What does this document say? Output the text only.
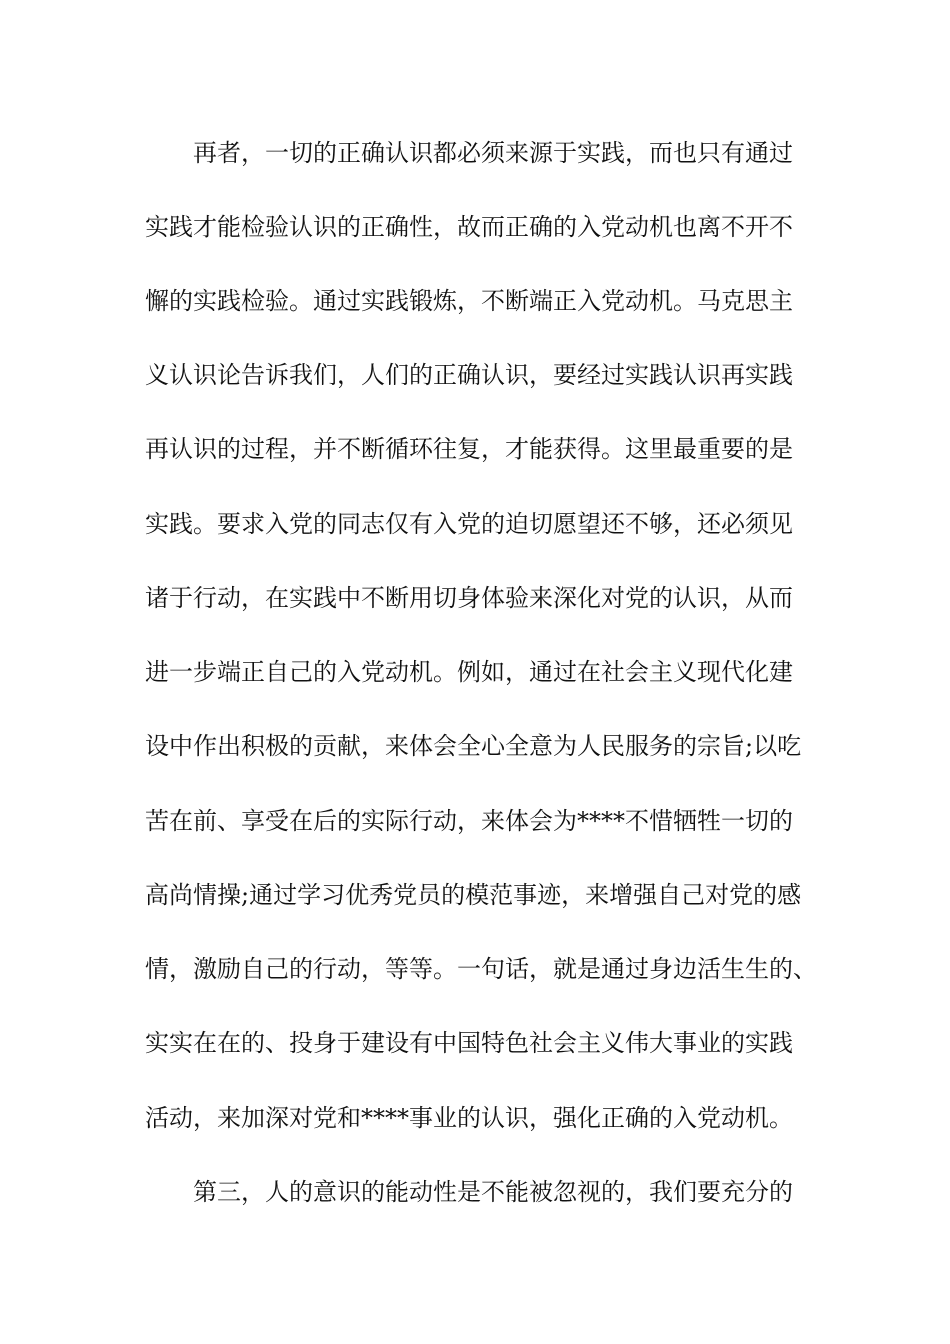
再者，一切的正确认识都必须来源于实践，而也只有通过
实践才能检验认识的正确性，故而正确的入党动机也离不开不
懈的实践检验。通过实践锻炼，不断端正入党动机。马克思主
义认识论告诉我们，人们的正确认识，要经过实践认识再实践
再认识的过程，并不断循环往复，才能获得。这里最重要的是
实践。要求入党的同志仅有入党的迫切愿望还不够，还必须见
诸于行动，在实践中不断用切身体验来深化对党的认识，从而
进一步端正自己的入党动机。例如，通过在社会主义现代化建
设中作出积极的贡献，来体会全心全意为人民服务的宗旨;以吃
苦在前、享受在后的实际行动，来体会为****不惜牺牲一切的
高尚情操;通过学习优秀党员的模范事迹，来增强自己对党的感
情，激励自己的行动，等等。一句话，就是通过身边活生生的、
实实在在的、投身于建设有中国特色社会主义伟大事业的实践
活动，来加深对党和****事业的认识，强化正确的入党动机。
第三，人的意识的能动性是不能被忽视的，我们要充分的
